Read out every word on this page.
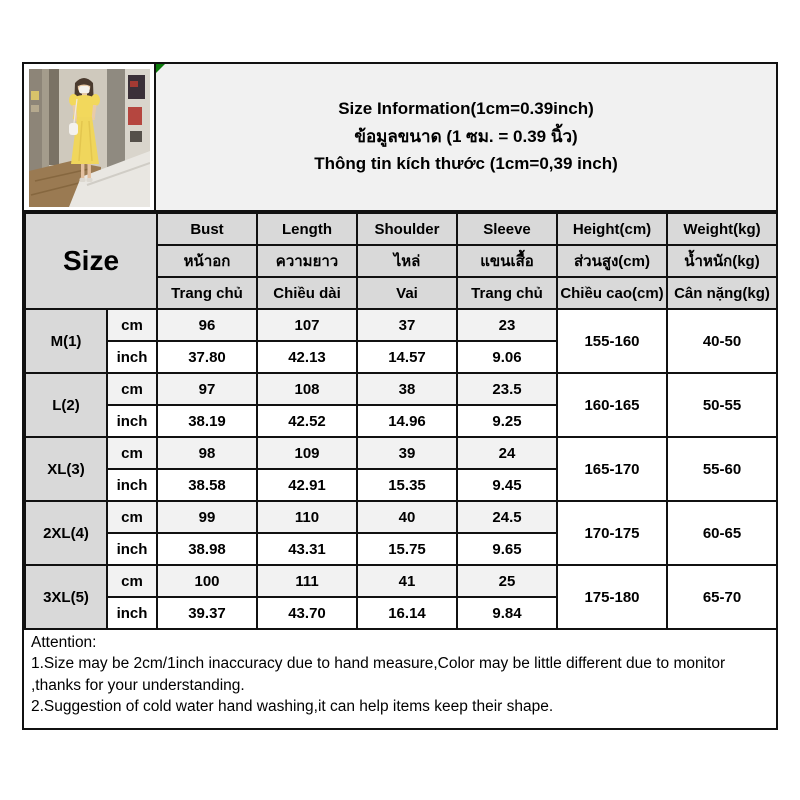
Size Information(1cm=0.39inch)
ข้อมูลขนาด (1 ซม. = 0.39 นิ้ว)
Thông tin kích thước (1cm=0,39 inch)
Size		Bust	Length	Shoulder	Sleeve	Height(cm)	Weight(kg)
		หน้าอก	ความยาว	ไหล่	แขนเสื้อ	ส่วนสูง(cm)	น้ำหนัก(kg)
		Trang chủ	Chiều dài	Vai	Trang chủ	Chiều cao(cm)	Cân nặng(kg)
M(1)	cm	96	107	37	23	155-160	40-50
	inch	37.80	42.13	14.57	9.06		
L(2)	cm	97	108	38	23.5	160-165	50-55
	inch	38.19	42.52	14.96	9.25		
XL(3)	cm	98	109	39	24	165-170	55-60
	inch	38.58	42.91	15.35	9.45		
2XL(4)	cm	99	110	40	24.5	170-175	60-65
	inch	38.98	43.31	15.75	9.65		
3XL(5)	cm	100	111	41	25	175-180	65-70
	inch	39.37	43.70	16.14	9.84		
Attention:
1.Size may be 2cm/1inch inaccuracy due to hand measure,Color may be little different due to monitor ,thanks for your understanding.
2.Suggestion of cold water hand washing,it can help items keep their shape.
